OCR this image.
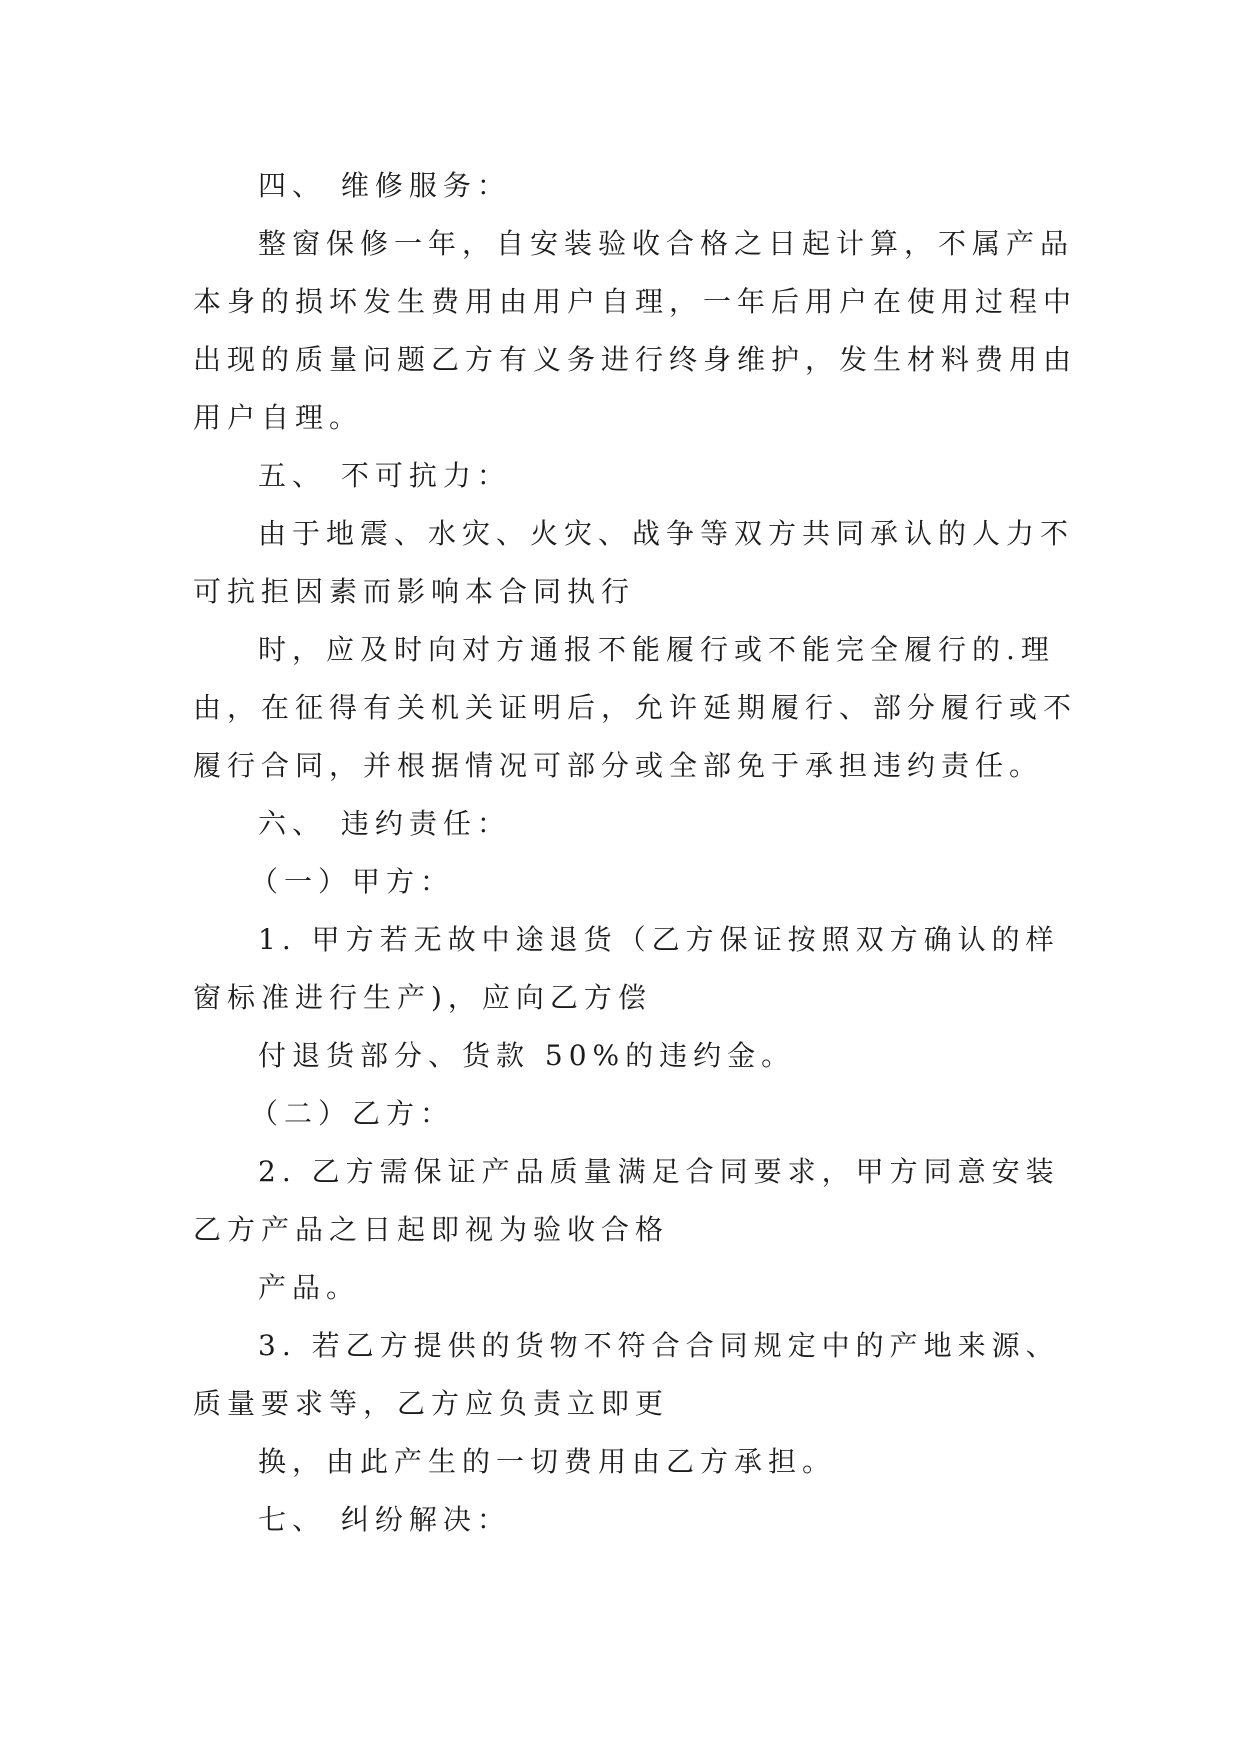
四、 维修服务：
整窗保修一年，自安装验收合格之日起计算，不属产品
本身的损坏发生费用由用户自理，一年后用户在使用过程中
出现的质量问题乙方有义务进行终身维护，发生材料费用由
用户自理。
五、 不可抗力：
由于地震、水灾、火灾、战争等双方共同承认的人力不
可抗拒因素而影响本合同执行
时，应及时向对方通报不能履行或不能完全履行的.理
由，在征得有关机关证明后，允许延期履行、部分履行或不
履行合同，并根据情况可部分或全部免于承担违约责任。
六、 违约责任：
（一）甲方：
1. 甲方若无故中途退货（乙方保证按照双方确认的样
窗标准进行生产)，应向乙方偿
付退货部分、货款 50%的违约金。
（二）乙方：
2. 乙方需保证产品质量满足合同要求，甲方同意安装
乙方产品之日起即视为验收合格
产品。
3. 若乙方提供的货物不符合合同规定中的产地来源、
质量要求等，乙方应负责立即更
换，由此产生的一切费用由乙方承担。
七、 纠纷解决：
